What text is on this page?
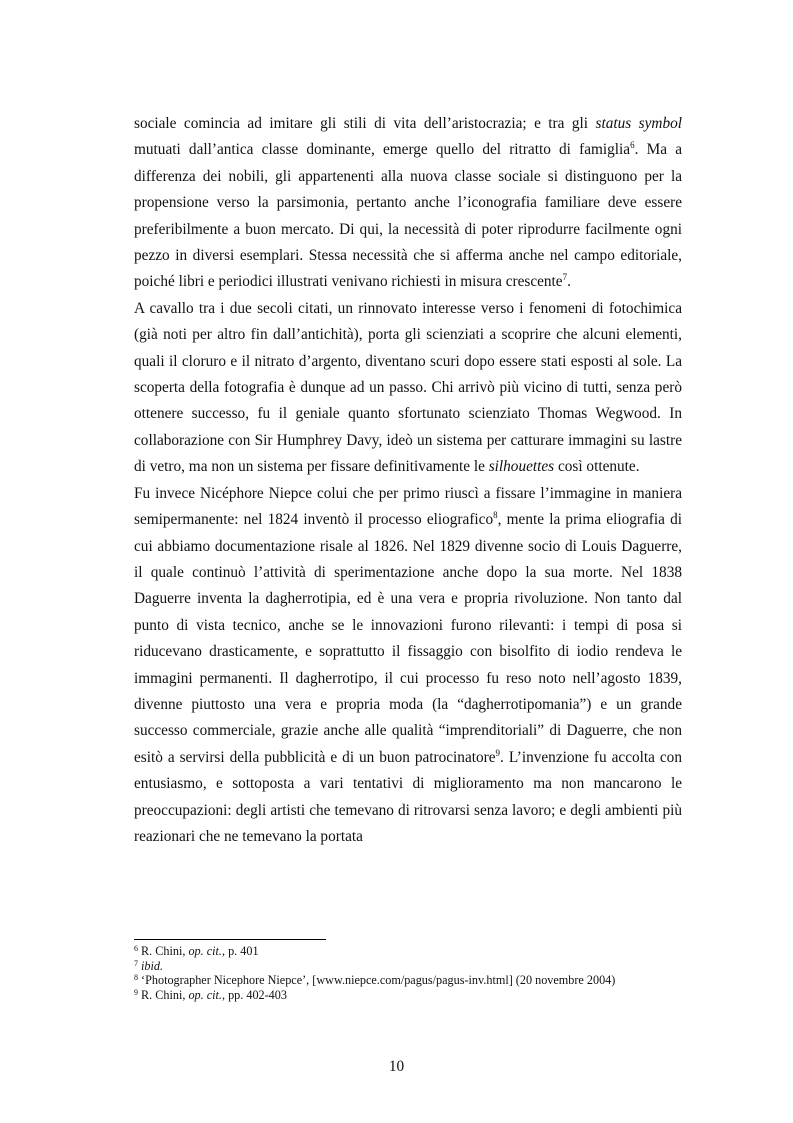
sociale comincia ad imitare gli stili di vita dell’aristocrazia; e tra gli status symbol mutuati dall’antica classe dominante, emerge quello del ritratto di famiglia$^6$. Ma a differenza dei nobili, gli appartenenti alla nuova classe sociale si distinguono per la propensione verso la parsimonia, pertanto anche l’iconografia familiare deve essere preferibilmente a buon mercato. Di qui, la necessità di poter riprodurre facilmente ogni pezzo in diversi esemplari. Stessa necessità che si afferma anche nel campo editoriale, poiché libri e periodici illustrati venivano richiesti in misura crescente$^7$.

A cavallo tra i due secoli citati, un rinnovato interesse verso i fenomeni di fotochimica (già noti per altro fin dall’antichità), porta gli scienziati a scoprire che alcuni elementi, quali il cloruro e il nitrato d’argento, diventano scuri dopo essere stati esposti al sole. La scoperta della fotografia è dunque ad un passo. Chi arrivò più vicino di tutti, senza però ottenere successo, fu il geniale quanto sfortunato scienziato Thomas Wegwood. In collaborazione con Sir Humphrey Davy, ideò un sistema per catturare immagini su lastre di vetro, ma non un sistema per fissare definitivamente le silhouettes così ottenute.

Fu invece Nicéphore Niepce colui che per primo riuscì a fissare l’immagine in maniera semipermanente: nel 1824 inventò il processo eliografico$^8$, mente la prima eliografia di cui abbiamo documentazione risale al 1826. Nel 1829 divenne socio di Louis Daguerre, il quale continuò l’attività di sperimentazione anche dopo la sua morte. Nel 1838 Daguerre inventa la dagherrotipia, ed è una vera e propria rivoluzione. Non tanto dal punto di vista tecnico, anche se le innovazioni furono rilevanti: i tempi di posa si riducevano drasticamente, e soprattutto il fissaggio con bisolfito di iodio rendeva le immagini permanenti. Il dagherrotipo, il cui processo fu reso noto nell’agosto 1839, divenne piuttosto una vera e propria moda (la “dagherrotipomania”) e un grande successo commerciale, grazie anche alle qualità “imprenditoriali” di Daguerre, che non esitò a servirsi della pubblicità e di un buon patrocinatore$^9$. L’invenzione fu accolta con entusiasmo, e sottoposta a vari tentativi di miglioramento ma non mancarono le preoccupazioni: degli artisti che temevano di ritrovarsi senza lavoro; e degli ambienti più reazionari che ne temevano la portata

$^6$ R. Chini, op. cit., p. 401
$^7$ ibid.
$^8$ ‘Photographer Nicephore Niepce’, [www.niepce.com/pagus/pagus-inv.html] (20 novembre 2004)
$^9$ R. Chini, op. cit., pp. 402-403
10
